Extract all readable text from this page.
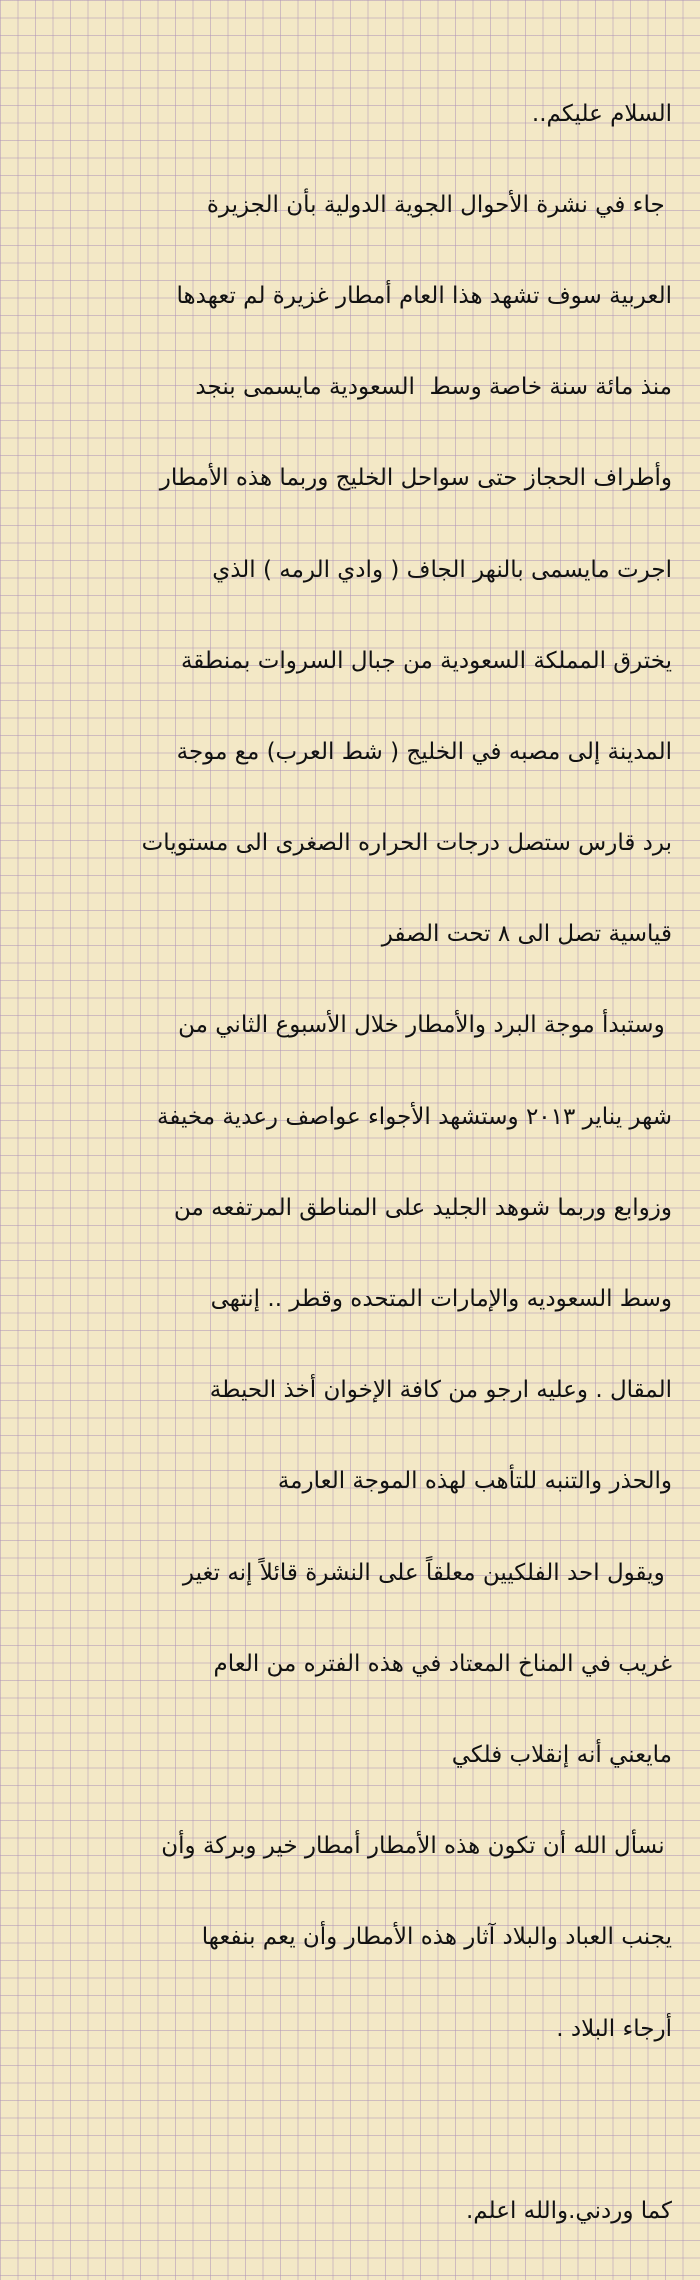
السلام عليكم..

جاء في نشرة الأحوال الجوية الدولية بأن الجزيرة

العربية سوف تشهد هذا العام أمطار غزيرة لم تعهدها

منذ مائة سنة خاصة وسط  السعودية مايسمى بنجد

وأطراف الحجاز حتى سواحل الخليج وربما هذه الأمطار

اجرت مايسمى بالنهر الجاف ( وادي الرمه ) الذي

يخترق المملكة السعودية من جبال السروات بمنطقة

المدينة إلى مصبه في الخليج ( شط العرب) مع موجة

برد قارس ستصل درجات الحراره الصغرى الى مستويات

قياسية تصل الى ٨ تحت الصفر

وستبدأ موجة البرد والأمطار خلال الأسبوع الثاني من

شهر يناير ٢٠١٣ وستشهد الأجواء عواصف رعدية مخيفة

وزوابع وربما شوهد الجليد على المناطق المرتفعه من

وسط السعوديه والإمارات المتحده وقطر .. إنتهى

المقال . وعليه ارجو من كافة الإخوان أخذ الحيطة

والحذر والتنبه للتأهب لهذه الموجة العارمة

ويقول احد الفلكيين معلقاً على النشرة قائلاً إنه تغير

غريب في المناخ المعتاد في هذه الفتره من العام

مايعني أنه إنقلاب فلكي

نسأل الله أن تكون هذه الأمطار أمطار خير وبركة وأن

يجنب العباد والبلاد آثار هذه الأمطار وأن يعم بنفعها

أرجاء البلاد .

كما وردني.والله اعلم.
